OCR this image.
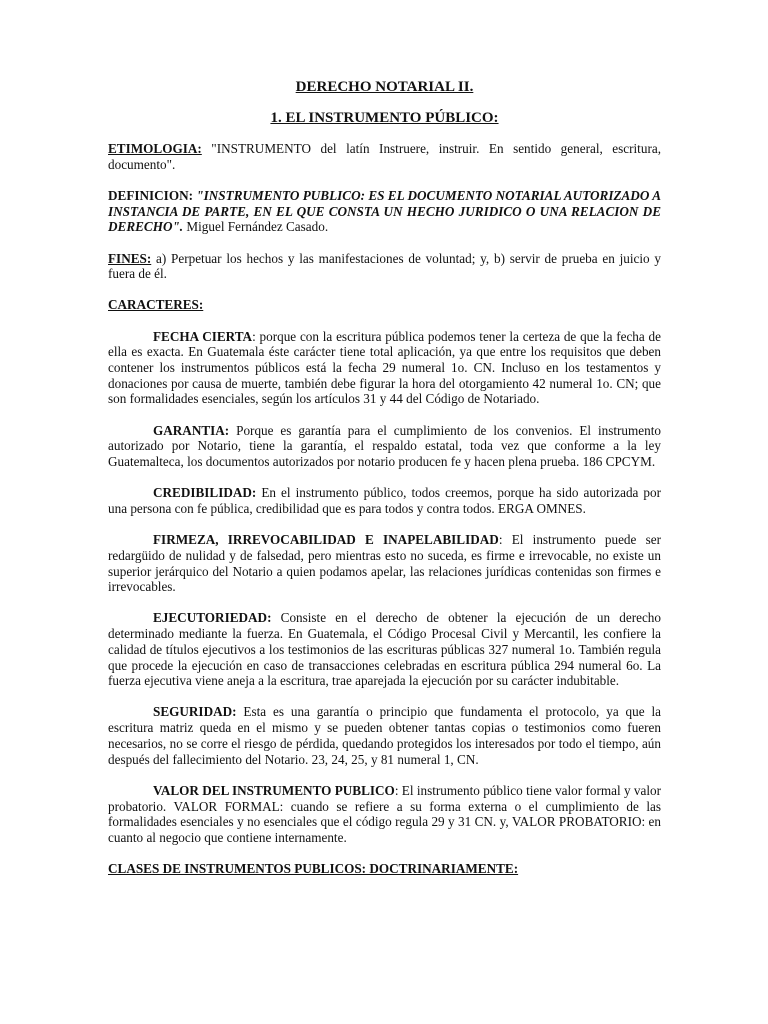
DERECHO NOTARIAL II.

1. EL INSTRUMENTO PÚBLICO:

ETIMOLOGIA: "INSTRUMENTO del latín Instruere, instruir. En sentido general, escritura, documento".

DEFINICION: "INSTRUMENTO PUBLICO: ES EL DOCUMENTO NOTARIAL AUTORIZADO A INSTANCIA DE PARTE, EN EL QUE CONSTA UN HECHO JURIDICO O UNA RELACION DE DERECHO". Miguel Fernández Casado.

FINES: a) Perpetuar los hechos y las manifestaciones de voluntad; y, b) servir de prueba en juicio y fuera de él.

CARACTERES:

FECHA CIERTA: porque con la escritura pública podemos tener la certeza de que la fecha de ella es exacta. En Guatemala éste carácter tiene total aplicación, ya que entre los requisitos que deben contener los instrumentos públicos está la fecha 29 numeral 1o. CN. Incluso en los testamentos y donaciones por causa de muerte, también debe figurar la hora del otorgamiento 42 numeral 1o. CN; que son formalidades esenciales, según los artículos 31 y 44 del Código de Notariado.

GARANTIA: Porque es garantía para el cumplimiento de los convenios. El instrumento autorizado por Notario, tiene la garantía, el respaldo estatal, toda vez que conforme a la ley Guatemalteca, los documentos autorizados por notario producen fe y hacen plena prueba. 186 CPCYM.

CREDIBILIDAD: En el instrumento público, todos creemos, porque ha sido autorizada por una persona con fe pública, credibilidad que es para todos y contra todos. ERGA OMNES.

FIRMEZA, IRREVOCABILIDAD E INAPELABILIDAD: El instrumento puede ser redargüido de nulidad y de falsedad, pero mientras esto no suceda, es firme e irrevocable, no existe un superior jerárquico del Notario a quien podamos apelar, las relaciones jurídicas contenidas son firmes e irrevocables.

EJECUTORIEDAD: Consiste en el derecho de obtener la ejecución de un derecho determinado mediante la fuerza. En Guatemala, el Código Procesal Civil y Mercantil, les confiere la calidad de títulos ejecutivos a los testimonios de las escrituras públicas 327 numeral 1o. También regula que procede la ejecución en caso de transacciones celebradas en escritura pública 294 numeral 6o. La fuerza ejecutiva viene aneja a la escritura, trae aparejada la ejecución por su carácter indubitable.

SEGURIDAD: Esta es una garantía o principio que fundamenta el protocolo, ya que la escritura matriz queda en el mismo y se pueden obtener tantas copias o testimonios como fueren necesarios, no se corre el riesgo de pérdida, quedando protegidos los interesados por todo el tiempo, aún después del fallecimiento del Notario. 23, 24, 25, y 81 numeral 1, CN.

VALOR DEL INSTRUMENTO PUBLICO: El instrumento público tiene valor formal y valor probatorio. VALOR FORMAL: cuando se refiere a su forma externa o el cumplimiento de las formalidades esenciales y no esenciales que el código regula 29 y 31 CN. y, VALOR PROBATORIO: en cuanto al negocio que contiene internamente.

CLASES DE INSTRUMENTOS PUBLICOS: DOCTRINARIAMENTE:
